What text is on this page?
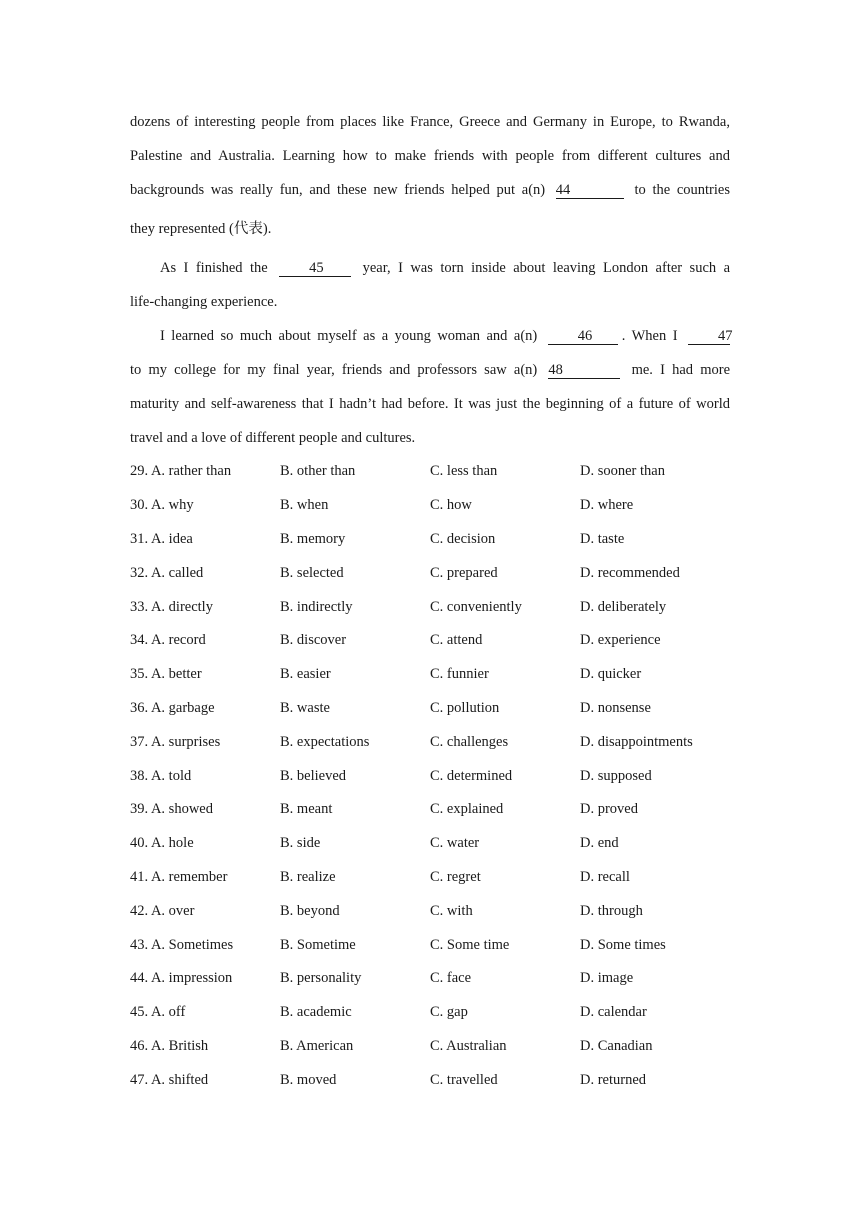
dozens of interesting people from places like France, Greece and Germany in Europe, to Rwanda,

Palestine and Australia. Learning how to make friends with people from different cultures and

backgrounds was really fun, and these new friends helped put a(n) 44	to the countries

they represented (代表).

As I finished the	45	year, I was torn inside about leaving London after such a

life-changing experience.

I learned so much about myself as a young woman and a(n)	46 . When I	47

to my college for my final year, friends and professors saw a(n) 48	me. I had more

maturity and self-awareness that I hadn’t had before. It was just the beginning of a future of world

travel and a love of different people and cultures.

29. A. rather than	B. other than	C. less than	D. sooner than
30. A. why	B. when	C. how	D. where
31. A. idea	B. memory	C. decision	D. taste
32. A. called	B. selected	C. prepared	D. recommended
33. A. directly	B. indirectly	C. conveniently	D. deliberately
34. A. record	B. discover	C. attend	D. experience
35. A. better	B. easier	C. funnier	D. quicker
36. A. garbage	B. waste	C. pollution	D. nonsense
37. A. surprises	B. expectations	C. challenges	D. disappointments
38. A. told	B. believed	C. determined	D. supposed
39. A. showed	B. meant	C. explained	D. proved
40. A. hole	B. side	C. water	D. end
41. A. remember	B. realize	C. regret	D. recall
42. A. over	B. beyond	C. with	D. through
43. A. Sometimes	B. Sometime	C. Some time	D. Some times
44. A. impression	B. personality	C. face	D. image
45. A. off	B. academic	C. gap	D. calendar
46. A. British	B. American	C. Australian	D. Canadian
47. A. shifted	B. moved	C. travelled	D. returned
